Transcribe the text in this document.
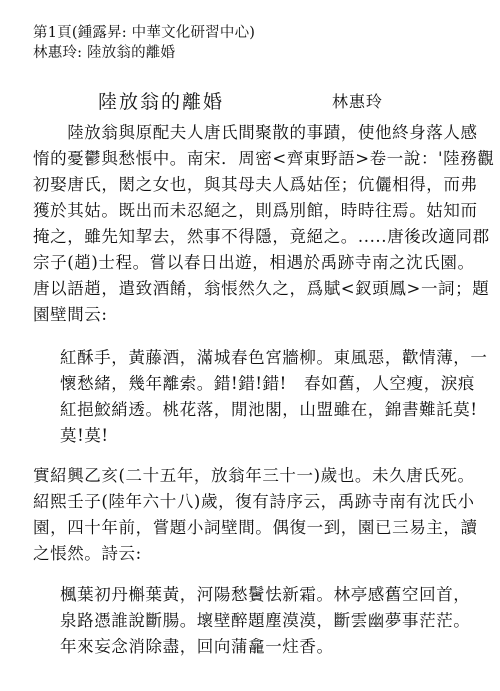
第1頁(鍾露昇: 中華文化研習中心)
林惠玲: 陸放翁的離婚
陸放翁的離婚	林惠玲
　　陸放翁與原配夫人唐氏間聚散的事蹟，使他終身落人感
惰的憂鬱與愁悵中。南宋．周密<齊東野語>卷一說：'陸務觀
初娶唐氏，閎之女也，與其母夫人爲姑侄；伉儷相得，而弗
獲於其姑。既出而未忍絕之，則爲別館，時時往焉。姑知而
掩之，雖先知挈去，然事不得隱，竟絕之。.....唐後改適同郡
宗子(趙)士程。嘗以春日出遊，相遇於禹跡寺南之沈氏園。
唐以語趙，遣致酒餚，翁悵然久之，爲賦<釵頭鳳>一詞；題
園壁間云:
紅酥手，黃藤酒，滿城春色宮牆柳。東風惡，歡情薄，一
懷愁緒，幾年離索。錯!錯!錯!　春如舊，人空瘦，淚痕
紅挹鮫綃透。桃花落，閒池閣，山盟雖在，錦書難託莫!
莫!莫!
實紹興乙亥(二十五年，放翁年三十一)歲也。未久唐氏死。
紹熙壬子(陸年六十八)歲，復有詩序云，禹跡寺南有沈氏小
園，四十年前，嘗題小詞壁間。偶復一到，園已三易主，讀
之悵然。詩云:
楓葉初丹槲葉黃，河陽愁鬢怯新霜。林亭感舊空回首，
泉路憑誰說斷腸。壞壁醉題塵漠漠，斷雲幽夢事茫茫。
年來妄念消除盡，回向蒲龕一炷香。
